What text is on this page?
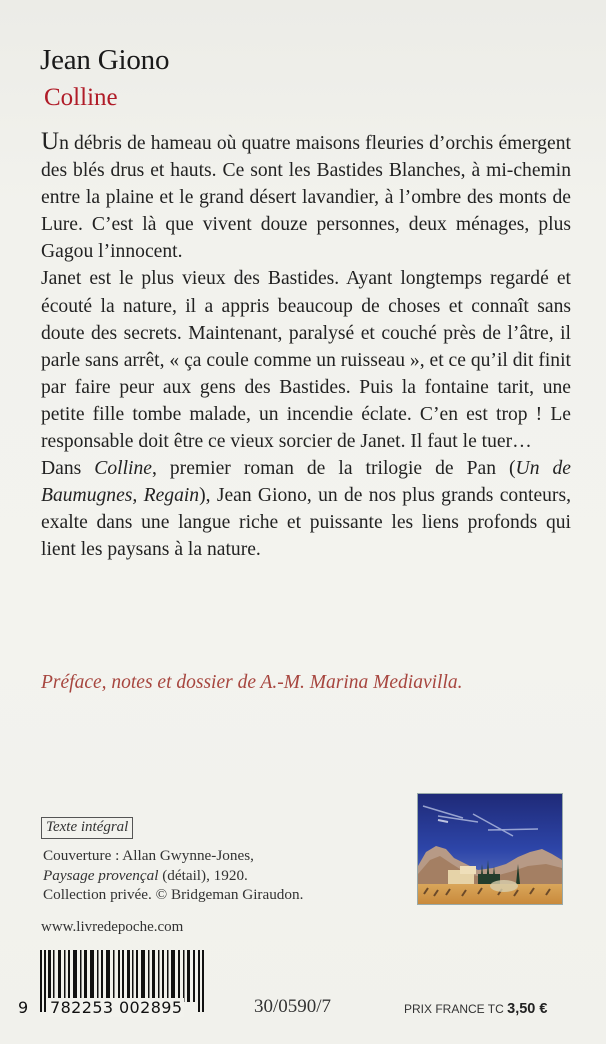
Jean Giono
Colline

Un débris de hameau où quatre maisons fleuries d’orchis émergent des blés drus et hauts. Ce sont les Bastides Blanches, à mi-chemin entre la plaine et le grand désert lavandier, à l’ombre des monts de Lure. C’est là que vivent douze personnes, deux ménages, plus Gagou l’innocent.

Janet est le plus vieux des Bastides. Ayant longtemps regardé et écouté la nature, il a appris beaucoup de choses et connaît sans doute des secrets. Maintenant, paralysé et couché près de l’âtre, il parle sans arrêt, « ça coule comme un ruisseau », et ce qu’il dit finit par faire peur aux gens des Bastides. Puis la fontaine tarit, une petite fille tombe malade, un incendie éclate. C’en est trop ! Le responsable doit être ce vieux sorcier de Janet. Il faut le tuer…

Dans Colline, premier roman de la trilogie de Pan (Un de Baumugnes, Regain), Jean Giono, un de nos plus grands conteurs, exalte dans une langue riche et puissante les liens profonds qui lient les paysans à la nature.

Préface, notes et dossier de A.-M. Marina Mediavilla.
Texte intégral
Couverture : Allan Gwynne-Jones,
Paysage provençal (détail), 1920.
Collection privée. © Bridgeman Giraudon.
www.livredepoche.com
9 782253 002895	30/0590/7	PRIX FRANCE TC 3,50 €
